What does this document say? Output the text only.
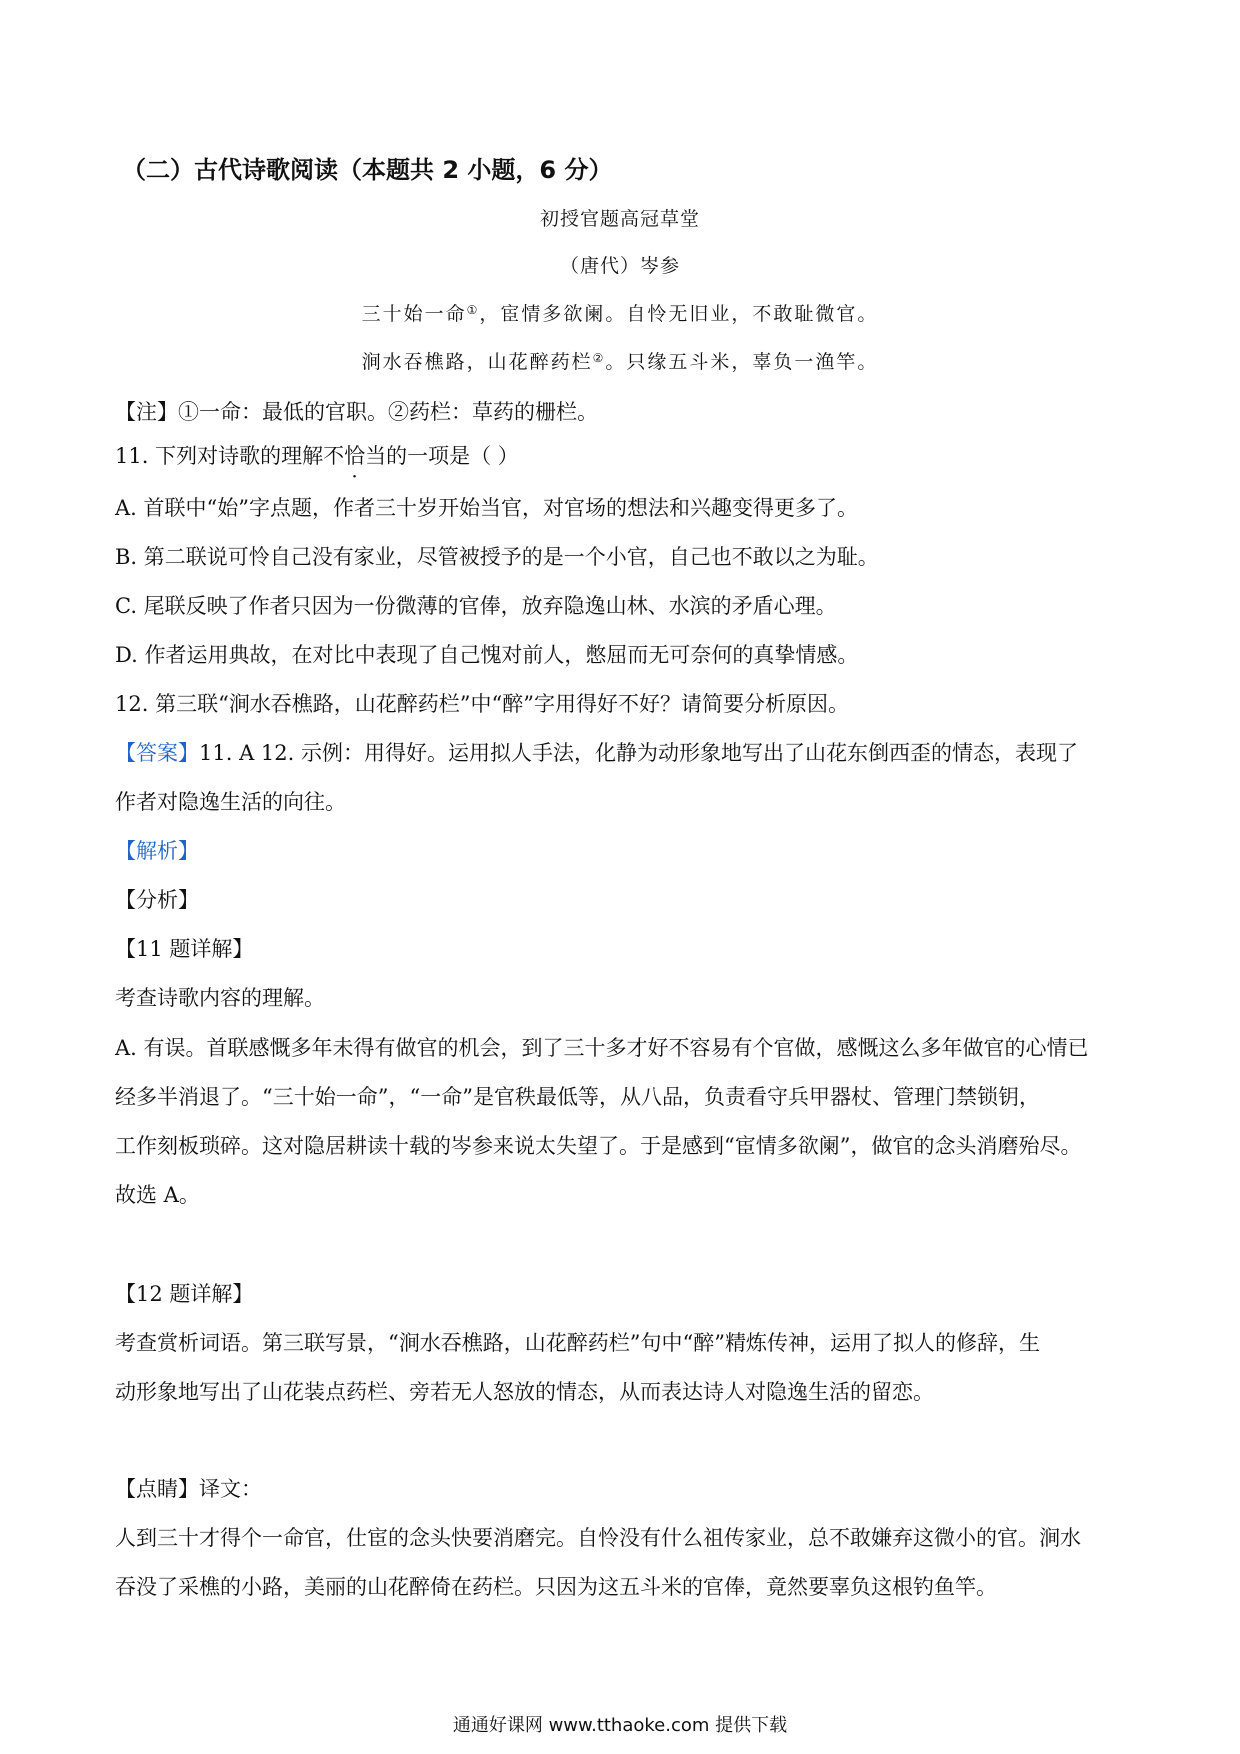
（二）古代诗歌阅读（本题共 2 小题，6 分）
初授官题高冠草堂
（唐代）岑参
三十始一命①，宦情多欲阑。自怜无旧业，不敢耻微官。
涧水吞樵路，山花醉药栏②。只缘五斗米，辜负一渔竿。
【注】①一命：最低的官职。②药栏：草药的栅栏。
11. 下列对诗歌的理解不恰当的一项是（ ）
A. 首联中“始”字点题，作者三十岁开始当官，对官场的想法和兴趣变得更多了。
B. 第二联说可怜自己没有家业，尽管被授予的是一个小官，自己也不敢以之为耻。
C. 尾联反映了作者只因为一份微薄的官俸，放弃隐逸山林、水滨的矛盾心理。
D. 作者运用典故，在对比中表现了自己愧对前人，憋屈而无可奈何的真挚情感。
12. 第三联“涧水吞樵路，山花醉药栏”中“醉”字用得好不好？请简要分析原因。
【答案】11. A 12. 示例：用得好。运用拟人手法，化静为动形象地写出了山花东倒西歪的情态，表现了
作者对隐逸生活的向往。
【解析】
【分析】
【11 题详解】
考查诗歌内容的理解。
A. 有误。首联感慨多年未得有做官的机会，到了三十多才好不容易有个官做，感慨这么多年做官的心情已
经多半消退了。“三十始一命”，“一命”是官秩最低等，从八品，负责看守兵甲器杖、管理门禁锁钥，
工作刻板琐碎。这对隐居耕读十载的岑参来说太失望了。于是感到“宦情多欲阑”，做官的念头消磨殆尽。
故选 A。
【12 题详解】
考查赏析词语。第三联写景，“涧水吞樵路，山花醉药栏”句中“醉”精炼传神，运用了拟人的修辞，生
动形象地写出了山花装点药栏、旁若无人怒放的情态，从而表达诗人对隐逸生活的留恋。
【点睛】译文：
人到三十才得个一命官，仕宦的念头快要消磨完。自怜没有什么祖传家业，总不敢嫌弃这微小的官。涧水
吞没了采樵的小路，美丽的山花醉倚在药栏。只因为这五斗米的官俸，竟然要辜负这根钓鱼竿。
通通好课网 www.tthaoke.com 提供下载
